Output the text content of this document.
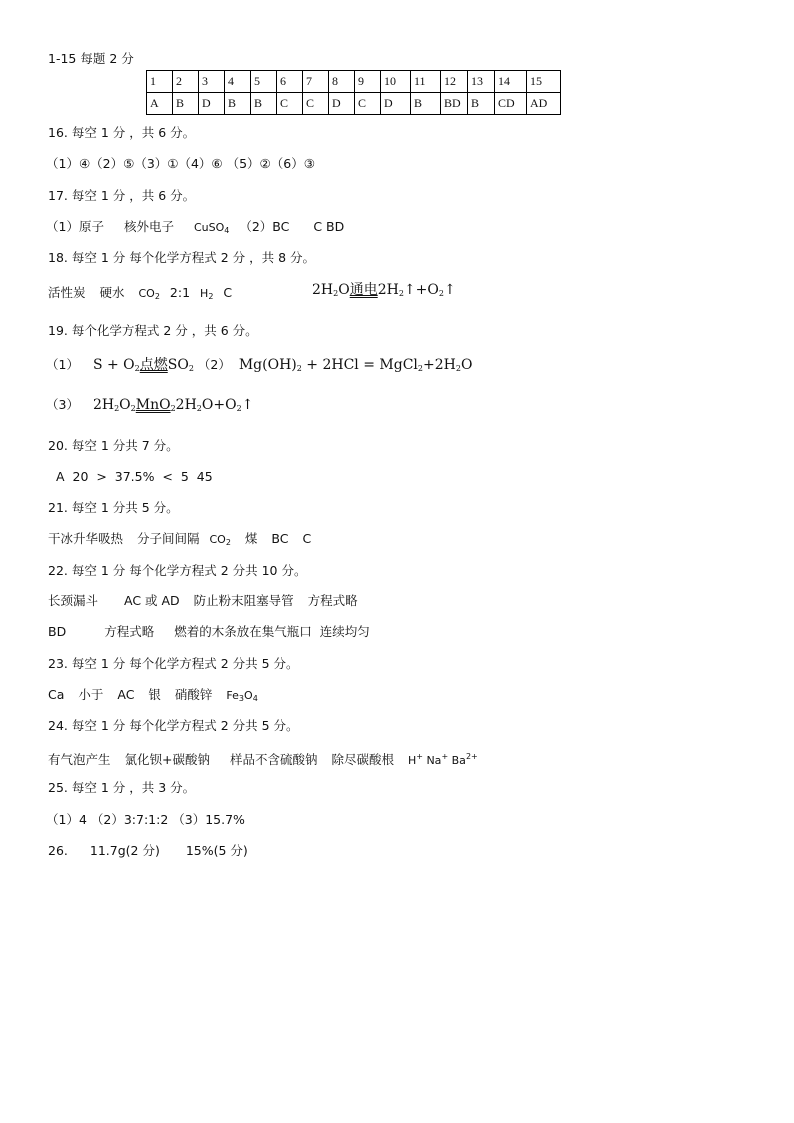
1-15 每题 2 分
1	2	3	4	5	6	7	8	9	10	11	12	13	14	15
A	B	D	B	B	C	C	D	C	D	B	BD	B	CD	AD
16. 每空 1 分 ，共 6 分。
（1）④（2）⑤（3）①（4）⑥ （5）②（6）③
17. 每空 1 分 ，共 6 分。
（1）原子 核外电子 CuSO$_4$ （2）BC C BD
18. 每空 1 分 每个化学方程式 2 分 ，共 8 分。
活性炭 硬水 $CO_2$ 2:1 $H_2$ C	$2H_2O$通电$2H_2↑+O_2↑$
19. 每个化学方程式 2 分 ，共 6 分。
（1） $S + O_2$点燃$SO_2$ （2） $Mg(OH)_2 + 2HCl$ = $MgCl_2+2H_2O$
（3） $2H_2O_2MnO_22H_2O+O_2↑$
20. 每空 1 分共 7 分。
A  20  >  37.5%  <  5  45
21. 每空 1 分共 5 分。
干冰升华吸热 分子间间隔 $CO_2$ 煤 BC C
22. 每空 1 分 每个化学方程式 2 分共 10 分。
长颈漏斗 AC 或 AD 防止粉末阻塞导管 方程式略
BD	方程式略 燃着的木条放在集气瓶口 连续均匀
23. 每空 1 分 每个化学方程式 2 分共 5 分。
Ca 小于 AC 银 硝酸锌 $Fe_3O_4$
24. 每空 1 分 每个化学方程式 2 分共 5 分。
有气泡产生 氯化钡+碳酸钠 样品不含硫酸钠 除尽碳酸根 H+ Na+ $Ba^{2+}$
25. 每空 1 分 ，共 3 分。
（1）4 （2）3:7:1:2 （3）15.7%
26. 11.7g(2 分) 15%(5 分)
